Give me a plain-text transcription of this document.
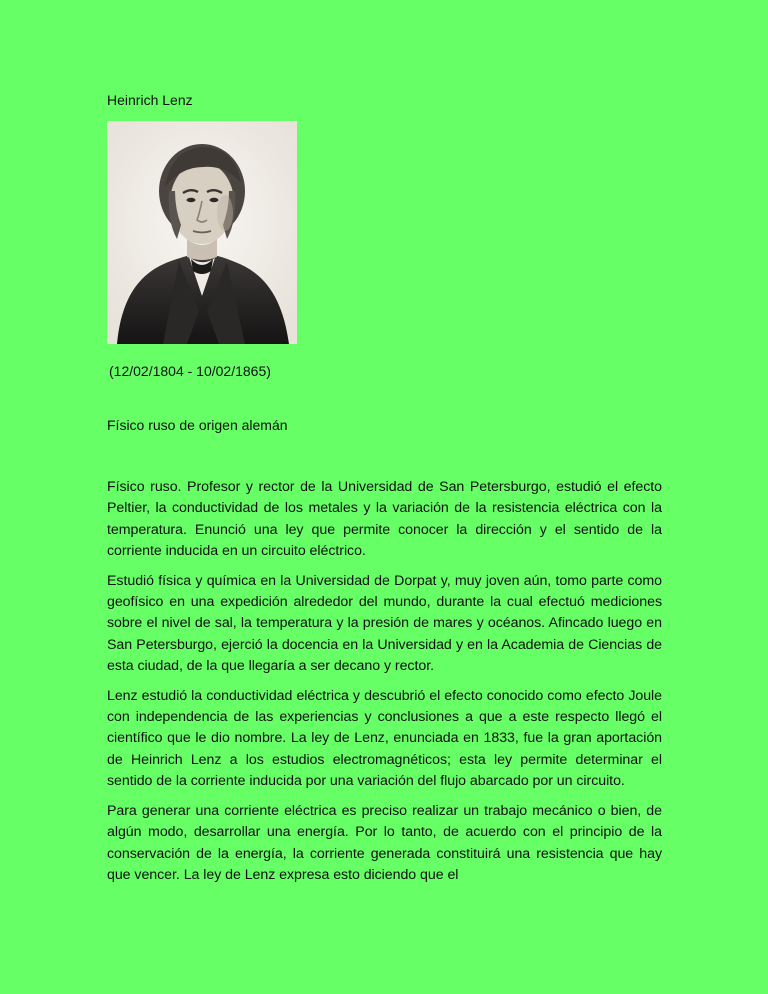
Heinrich Lenz
(12/02/1804 - 10/02/1865)
Físico ruso de origen alemán

Físico ruso. Profesor y rector de la Universidad de San Petersburgo, estudió el efecto Peltier, la conductividad de los metales y la variación de la resistencia eléctrica con la temperatura. Enunció una ley que permite conocer la dirección y el sentido de la corriente inducida en un circuito eléctrico.

Estudió física y química en la Universidad de Dorpat y, muy joven aún, tomo parte como geofísico en una expedición alrededor del mundo, durante la cual efectuó mediciones sobre el nivel de sal, la temperatura y la presión de mares y océanos. Afincado luego en San Petersburgo, ejerció la docencia en la Universidad y en la Academia de Ciencias de esta ciudad, de la que llegaría a ser decano y rector.

Lenz estudió la conductividad eléctrica y descubrió el efecto conocido como efecto Joule con independencia de las experiencias y conclusiones a que a este respecto llegó el científico que le dio nombre. La ley de Lenz, enunciada en 1833, fue la gran aportación de Heinrich Lenz a los estudios electromagnéticos; esta ley permite determinar el sentido de la corriente inducida por una variación del flujo abarcado por un circuito.

Para generar una corriente eléctrica es preciso realizar un trabajo mecánico o bien, de algún modo, desarrollar una energía. Por lo tanto, de acuerdo con el principio de la conservación de la energía, la corriente generada constituirá una resistencia que hay que vencer. La ley de Lenz expresa esto diciendo que el
